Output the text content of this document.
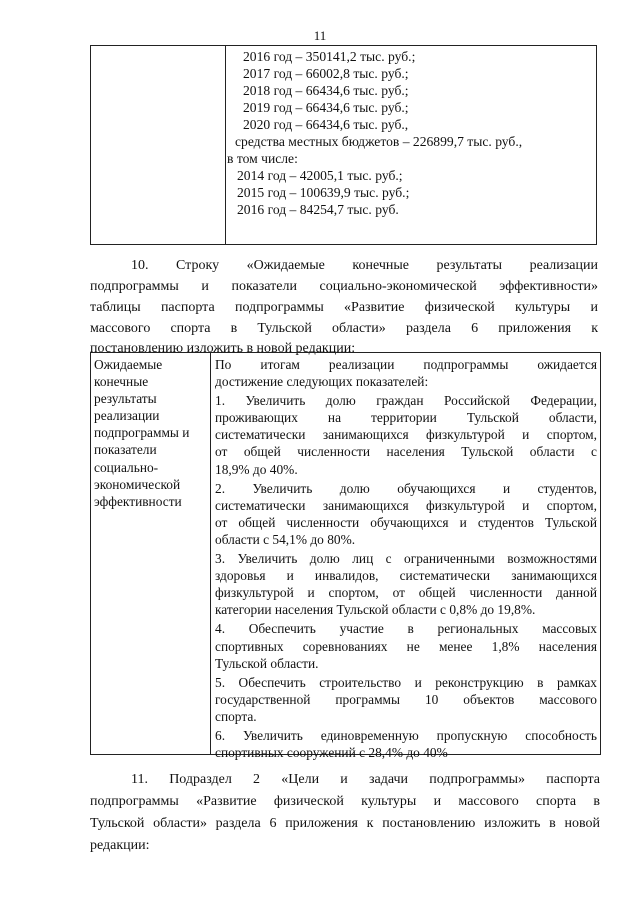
11
2016 год – 350141,2 тыс. руб.;
2017 год – 66002,8 тыс. руб.;
2018 год – 66434,6 тыс. руб.;
2019 год – 66434,6 тыс. руб.;
2020 год – 66434,6 тыс. руб.,
средства местных бюджетов – 226899,7 тыс. руб.,
в том числе:
2014 год – 42005,1 тыс. руб.;
2015 год – 100639,9 тыс. руб.;
2016 год – 84254,7 тыс. руб.
10. Строку «Ожидаемые конечные результаты реализации
подпрограммы и показатели социально-экономической эффективности»
таблицы паспорта подпрограммы «Развитие физической культуры и
массового спорта в Тульской области» раздела 6 приложения к
постановлению изложить в новой редакции:
Ожидаемые
конечные
результаты
реализации
подпрограммы и
показатели
социально-
экономической
эффективности
По итогам реализации подпрограммы ожидается
достижение следующих показателей:
1. Увеличить долю граждан Российской Федерации,
проживающих на территории Тульской области,
систематически занимающихся физкультурой и спортом,
от общей численности населения Тульской области с
18,9% до 40%.
2. Увеличить долю обучающихся и студентов,
систематически занимающихся физкультурой и спортом,
от общей численности обучающихся и студентов Тульской
области с 54,1% до 80%.
3. Увеличить долю лиц с ограниченными возможностями
здоровья и инвалидов, систематически занимающихся
физкультурой и спортом, от общей численности данной
категории населения Тульской области с 0,8% до 19,8%.
4. Обеспечить участие в региональных массовых
спортивных соревнованиях не менее 1,8% населения
Тульской области.
5. Обеспечить строительство и реконструкцию в рамках
государственной программы 10 объектов массового
спорта.
6. Увеличить единовременную пропускную способность
спортивных сооружений с 28,4% до 40%
11. Подраздел 2 «Цели и задачи подпрограммы» паспорта
подпрограммы «Развитие физической культуры и массового спорта в
Тульской области» раздела 6 приложения к постановлению изложить в новой
редакции:
